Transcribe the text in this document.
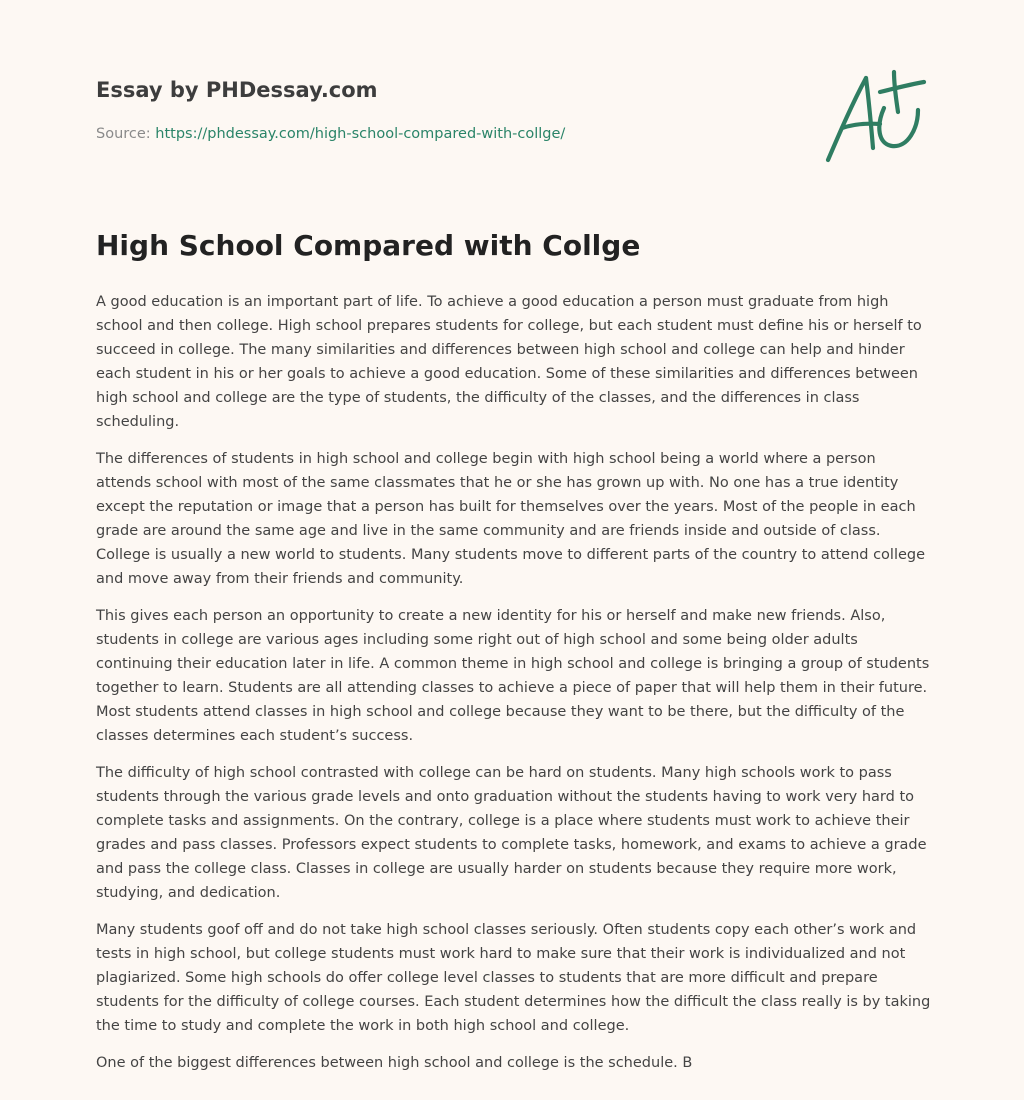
Essay by PHDessay.com
Source: https://phdessay.com/high-school-compared-with-collge/
High School Compared with Collge

A good education is an important part of life. To achieve a good education a person must graduate from high school and then college. High school prepares students for college, but each student must define his or herself to succeed in college. The many similarities and differences between high school and college can help and hinder each student in his or her goals to achieve a good education. Some of these similarities and differences between high school and college are the type of students, the difficulty of the classes, and the differences in class scheduling.

The differences of students in high school and college begin with high school being a world where a person attends school with most of the same classmates that he or she has grown up with. No one has a true identity except the reputation or image that a person has built for themselves over the years. Most of the people in each grade are around the same age and live in the same community and are friends inside and outside of class. College is usually a new world to students. Many students move to different parts of the country to attend college and move away from their friends and community.

This gives each person an opportunity to create a new identity for his or herself and make new friends. Also, students in college are various ages including some right out of high school and some being older adults continuing their education later in life. A common theme in high school and college is bringing a group of students together to learn. Students are all attending classes to achieve a piece of paper that will help them in their future. Most students attend classes in high school and college because they want to be there, but the difficulty of the classes determines each student’s success.

The difficulty of high school contrasted with college can be hard on students. Many high schools work to pass students through the various grade levels and onto graduation without the students having to work very hard to complete tasks and assignments. On the contrary, college is a place where students must work to achieve their grades and pass classes. Professors expect students to complete tasks, homework, and exams to achieve a grade and pass the college class. Classes in college are usually harder on students because they require more work, studying, and dedication.

Many students goof off and do not take high school classes seriously. Often students copy each other’s work and tests in high school, but college students must work hard to make sure that their work is individualized and not plagiarized. Some high schools do offer college level classes to students that are more difficult and prepare students for the difficulty of college courses. Each student determines how the difficult the class really is by taking the time to study and complete the work in both high school and college.

One of the biggest differences between high school and college is the schedule. B
